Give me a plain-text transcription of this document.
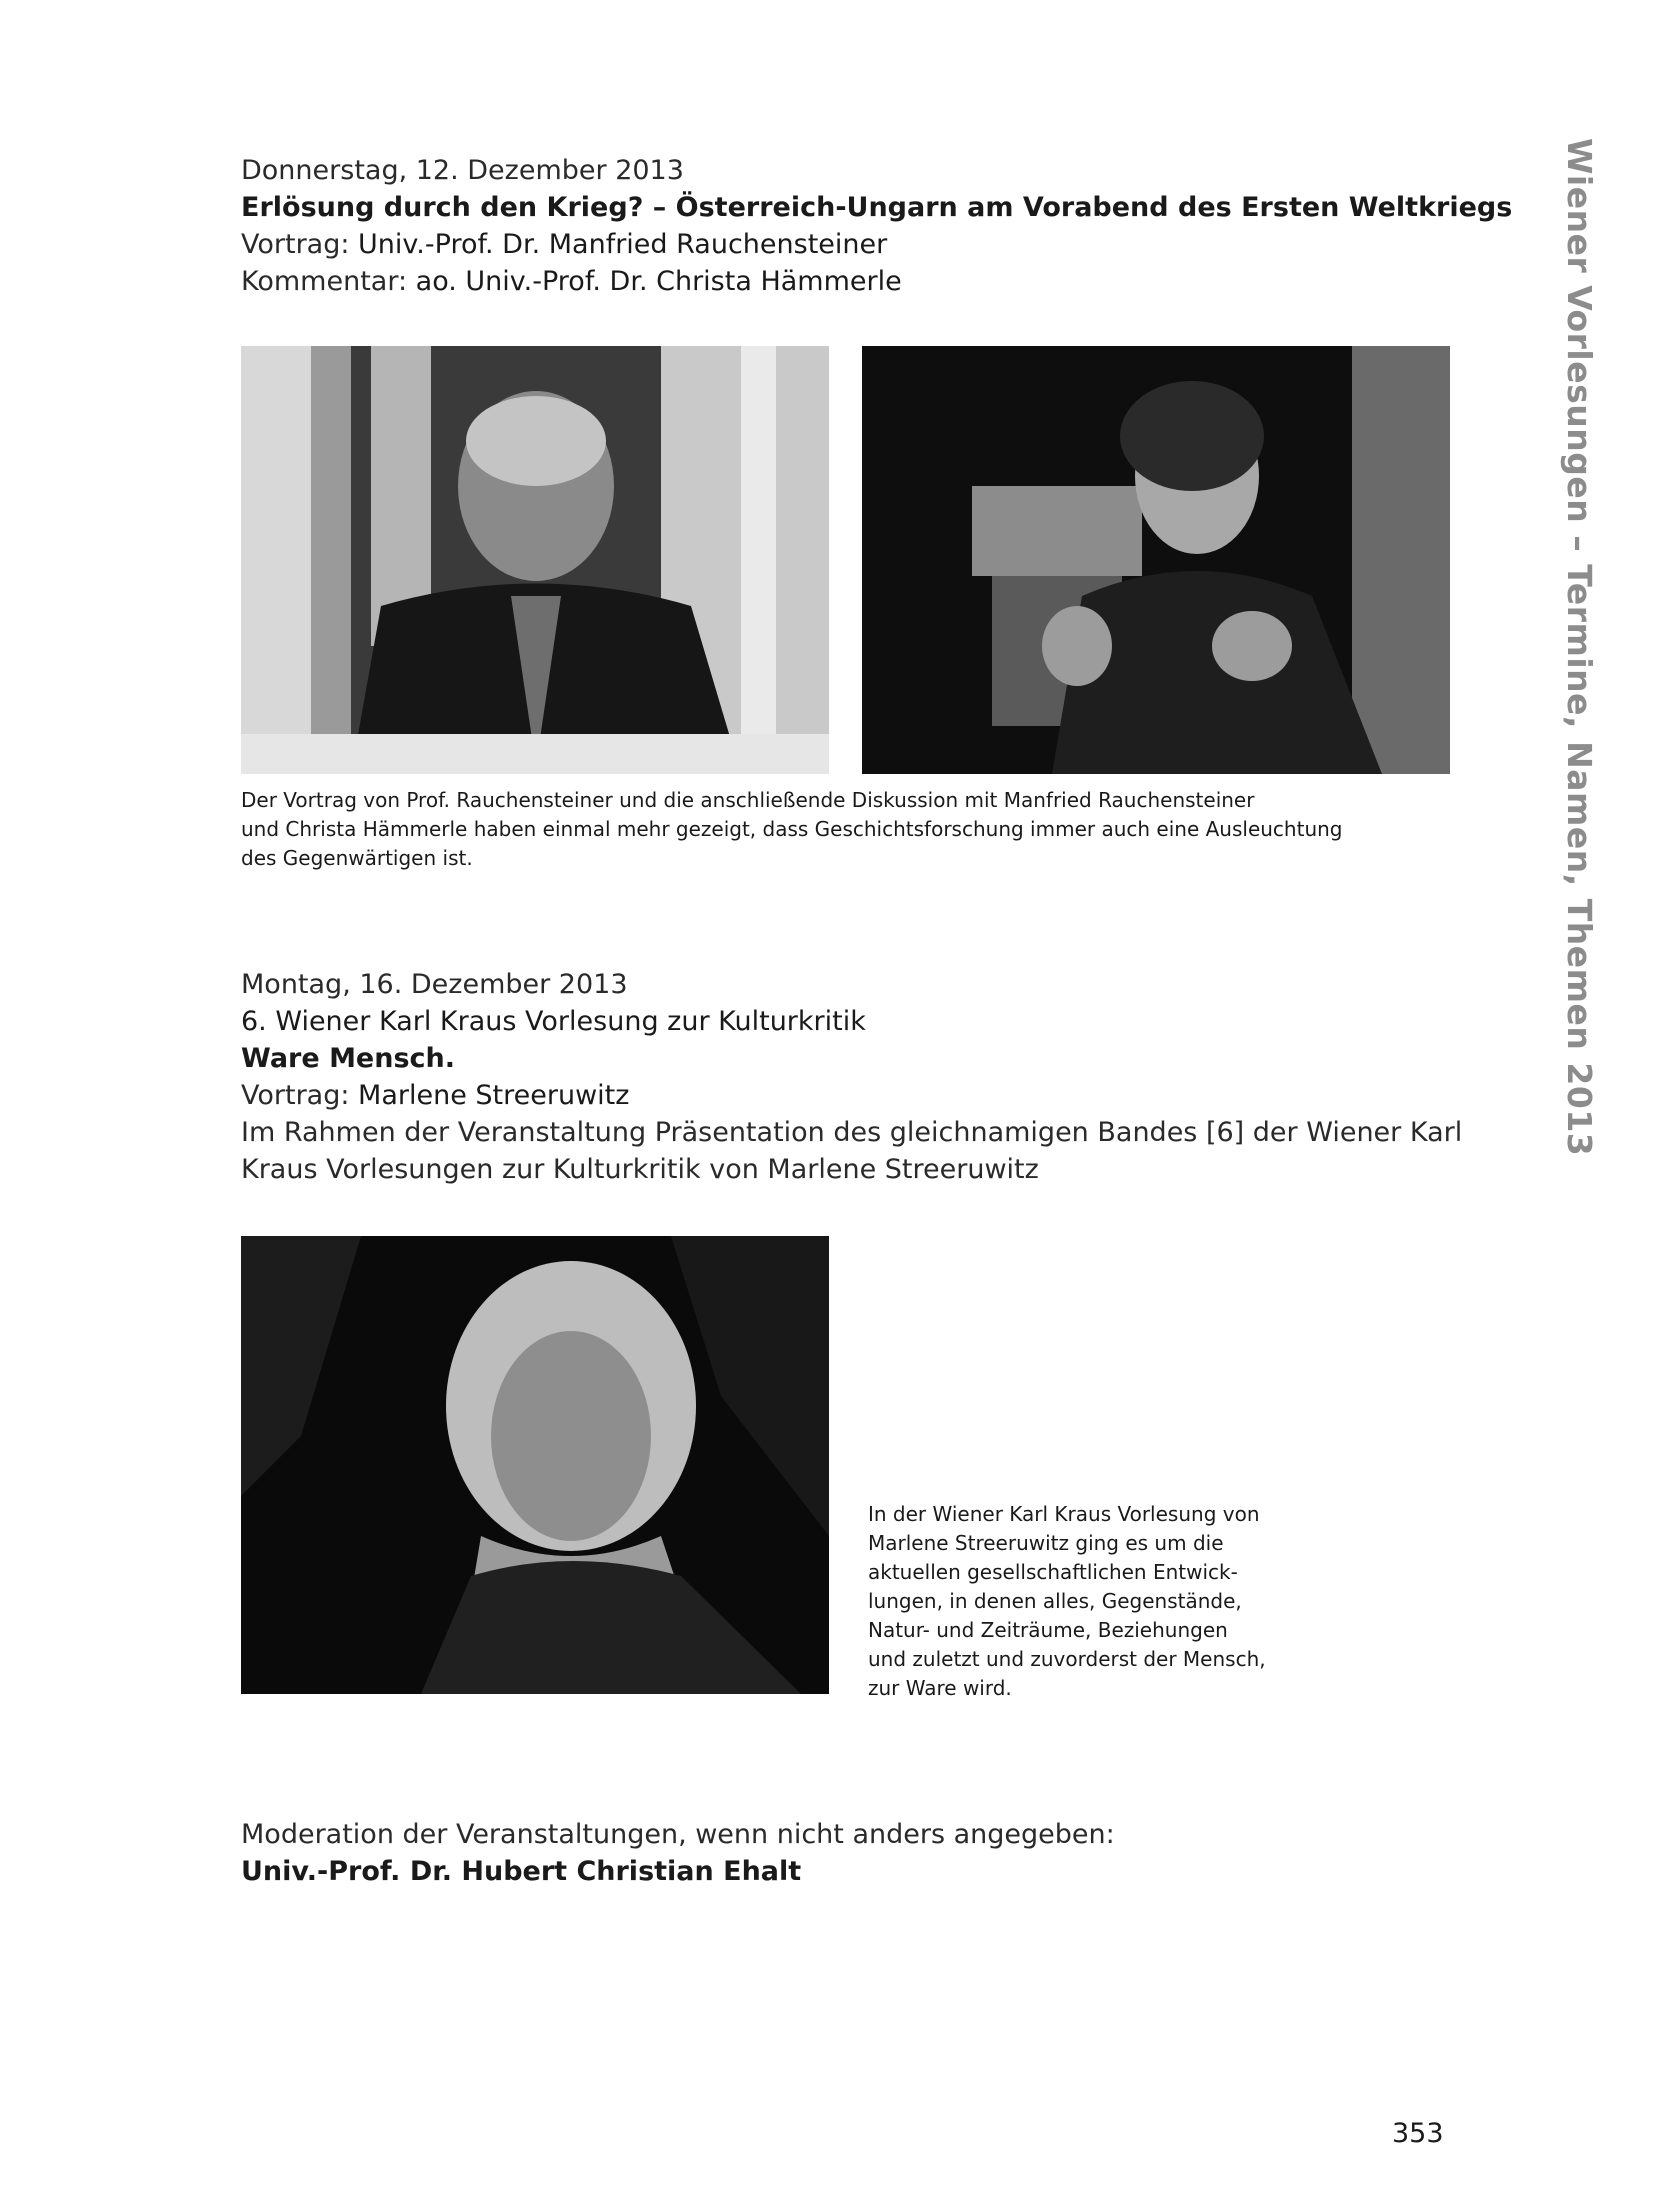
Wiener Vorlesungen – Termine, Namen, Themen 2013
Donnerstag, 12. Dezember 2013
Erlösung durch den Krieg? – Österreich-Ungarn am Vorabend des Ersten Weltkriegs
Vortrag: Univ.-Prof. Dr. Manfried Rauchensteiner
Kommentar: ao. Univ.-Prof. Dr. Christa Hämmerle
Der Vortrag von Prof. Rauchensteiner und die anschließende Diskussion mit Manfried Rauchensteiner
und Christa Hämmerle haben einmal mehr gezeigt, dass Geschichtsforschung immer auch eine Ausleuchtung
des Gegenwärtigen ist.
Montag, 16. Dezember 2013
6. Wiener Karl Kraus Vorlesung zur Kulturkritik
Ware Mensch.
Vortrag: Marlene Streeruwitz
Im Rahmen der Veranstaltung Präsentation des gleichnamigen Bandes [6] der Wiener Karl
Kraus Vorlesungen zur Kulturkritik von Marlene Streeruwitz
In der Wiener Karl Kraus Vorlesung von
Marlene Streeruwitz ging es um die
aktuellen gesellschaftlichen Entwick-
lungen, in denen alles, Gegenstände,
Natur- und Zeiträume, Beziehungen
und zuletzt und zuvorderst der Mensch,
zur Ware wird.
Moderation der Veranstaltungen, wenn nicht anders angegeben:
Univ.-Prof. Dr. Hubert Christian Ehalt
353
